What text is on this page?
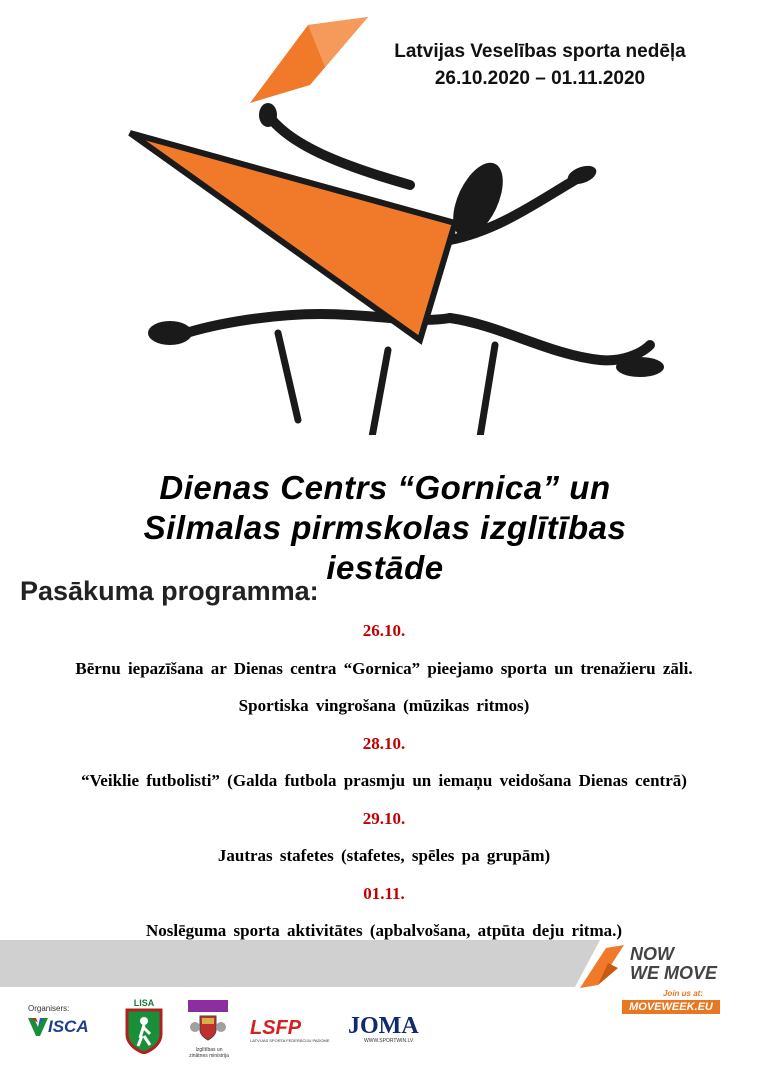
Latvijas Veselības sporta nedēļa
26.10.2020 – 01.11.2020
Dienas Centrs “Gornica” un
Silmalas pirmskolas izglītības
iestāde
Pasākuma programma:
26.10.
Bērnu iepazīšana ar Dienas centra “Gornica” pieejamo sporta un trenažieru zāli.
Sportiska vingrošana (mūzikas ritmos)
28.10.
“Veiklie futbolisti” (Galda futbola prasmju un iemaņu veidošana Dienas centrā)
29.10.
Jautras stafetes (stafetes, spēles pa grupām)
01.11.
Noslēguma sporta aktivitātes (apbalvošana, atpūta deju ritma.)
NOW
WE MOVE
Join us at:
MOVEWEEK.EU
Organisers:
ISCA
LISA
Izglītības un zinātnes ministrija
LSFP
LATVIJAS SPORTA FEDERĀCIJU PADOME
JOMA
WWW.SPORTWIN.LV
